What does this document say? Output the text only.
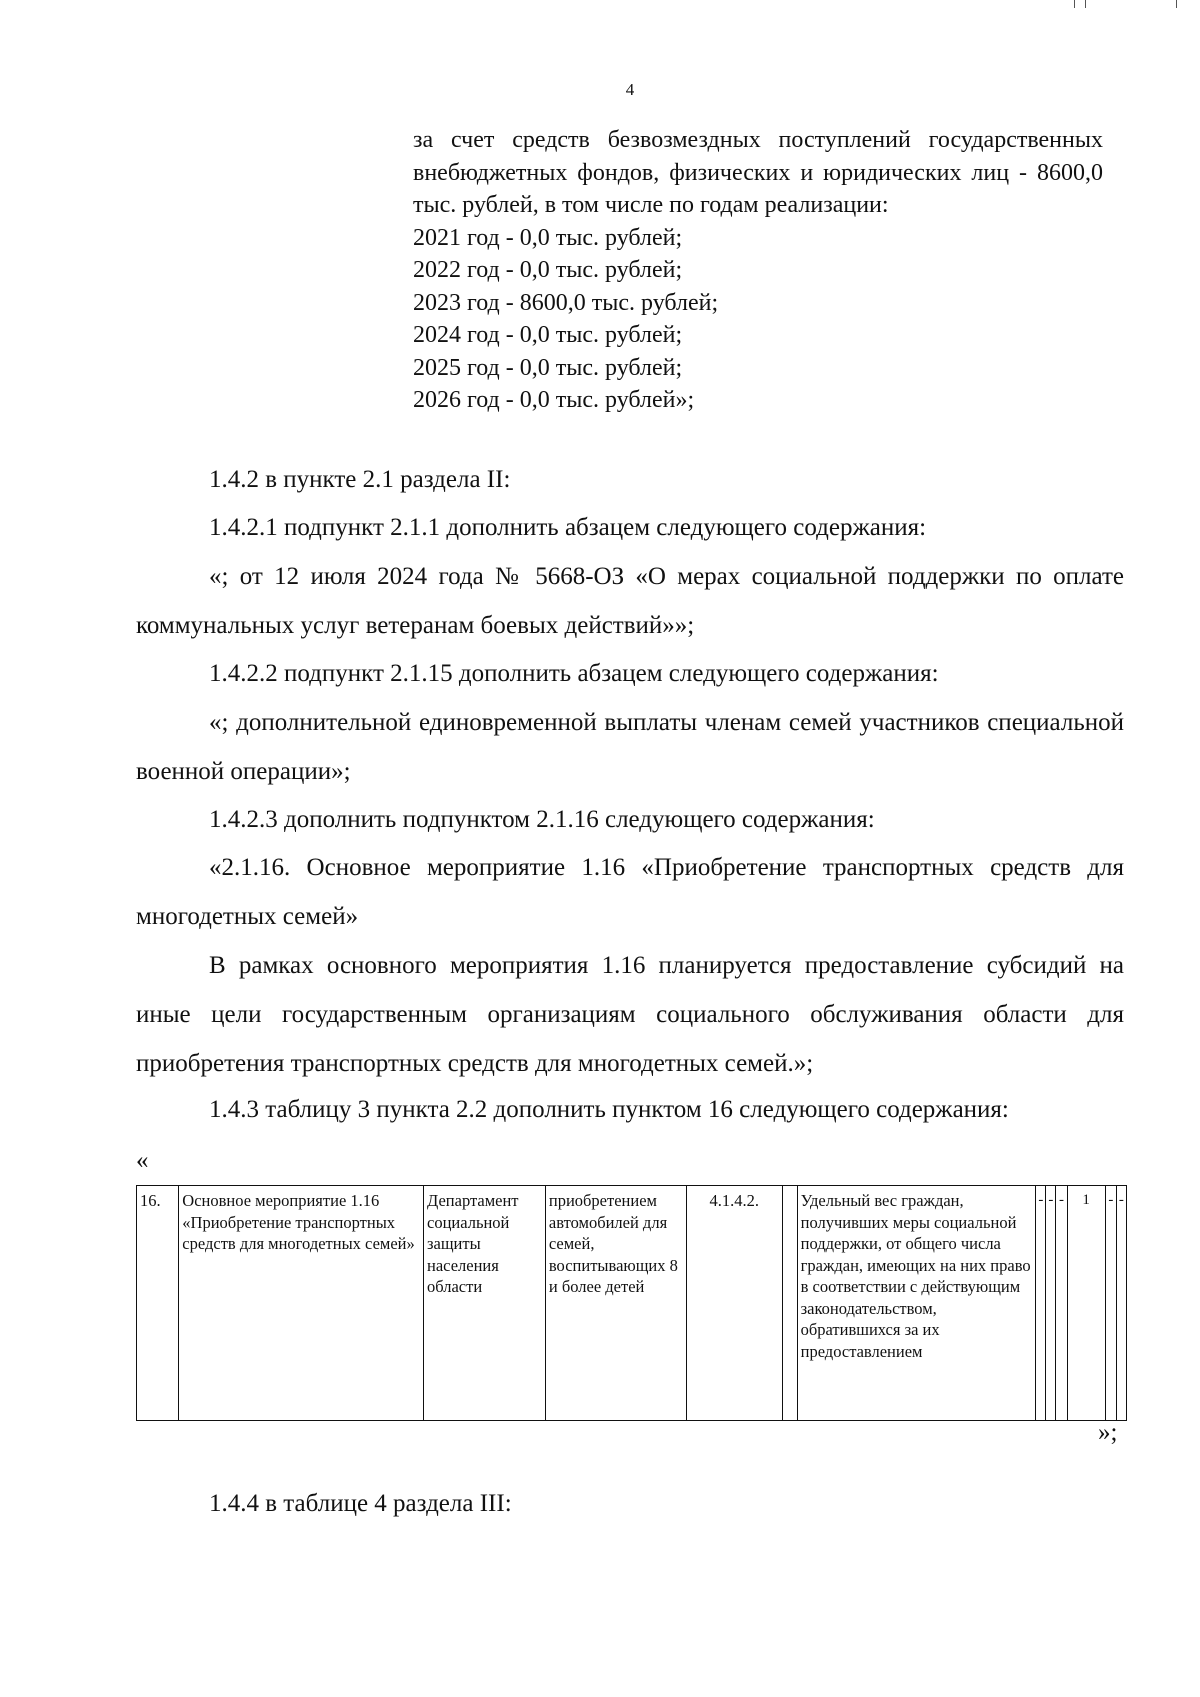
4
за счет средств безвозмездных поступлений государственных внебюджетных фондов, физических и юридических лиц - 8600,0 тыс. рублей, в том числе по годам реализации:
2021 год - 0,0 тыс. рублей;
2022 год - 0,0 тыс. рублей;
2023 год - 8600,0 тыс. рублей;
2024 год - 0,0 тыс. рублей;
2025 год - 0,0 тыс. рублей;
2026 год - 0,0 тыс. рублей»;
1.4.2 в пункте 2.1 раздела II:
1.4.2.1 подпункт 2.1.1 дополнить абзацем следующего содержания:
«; от 12 июля 2024 года № 5668-ОЗ «О мерах социальной поддержки по оплате коммунальных услуг ветеранам боевых действий»»;
1.4.2.2 подпункт 2.1.15 дополнить абзацем следующего содержания:
«; дополнительной единовременной выплаты членам семей участников специальной военной операции»;
1.4.2.3 дополнить подпунктом 2.1.16 следующего содержания:
«2.1.16. Основное мероприятие 1.16 «Приобретение транспортных средств для многодетных семей»
В рамках основного мероприятия 1.16 планируется предоставление субсидий на иные цели государственным организациям социального обслуживания области для приобретения транспортных средств для многодетных семей.»;
1.4.3 таблицу 3 пункта 2.2 дополнить пунктом 16 следующего содержания:
«
16.	Основное мероприятие 1.16 «Приобретение транспортных средств для многодетных семей»	Департамент социальной защиты населения области	приобретением автомобилей для семей, воспитывающих 8 и более детей	4.1.4.2.		Удельный вес граждан, получивших меры социальной поддержки, от общего числа граждан, имеющих на них право в соответствии с действующим законодательством, обратившихся за их предоставлением	-	-	-	1	-	-
»;
1.4.4 в таблице 4 раздела III:
